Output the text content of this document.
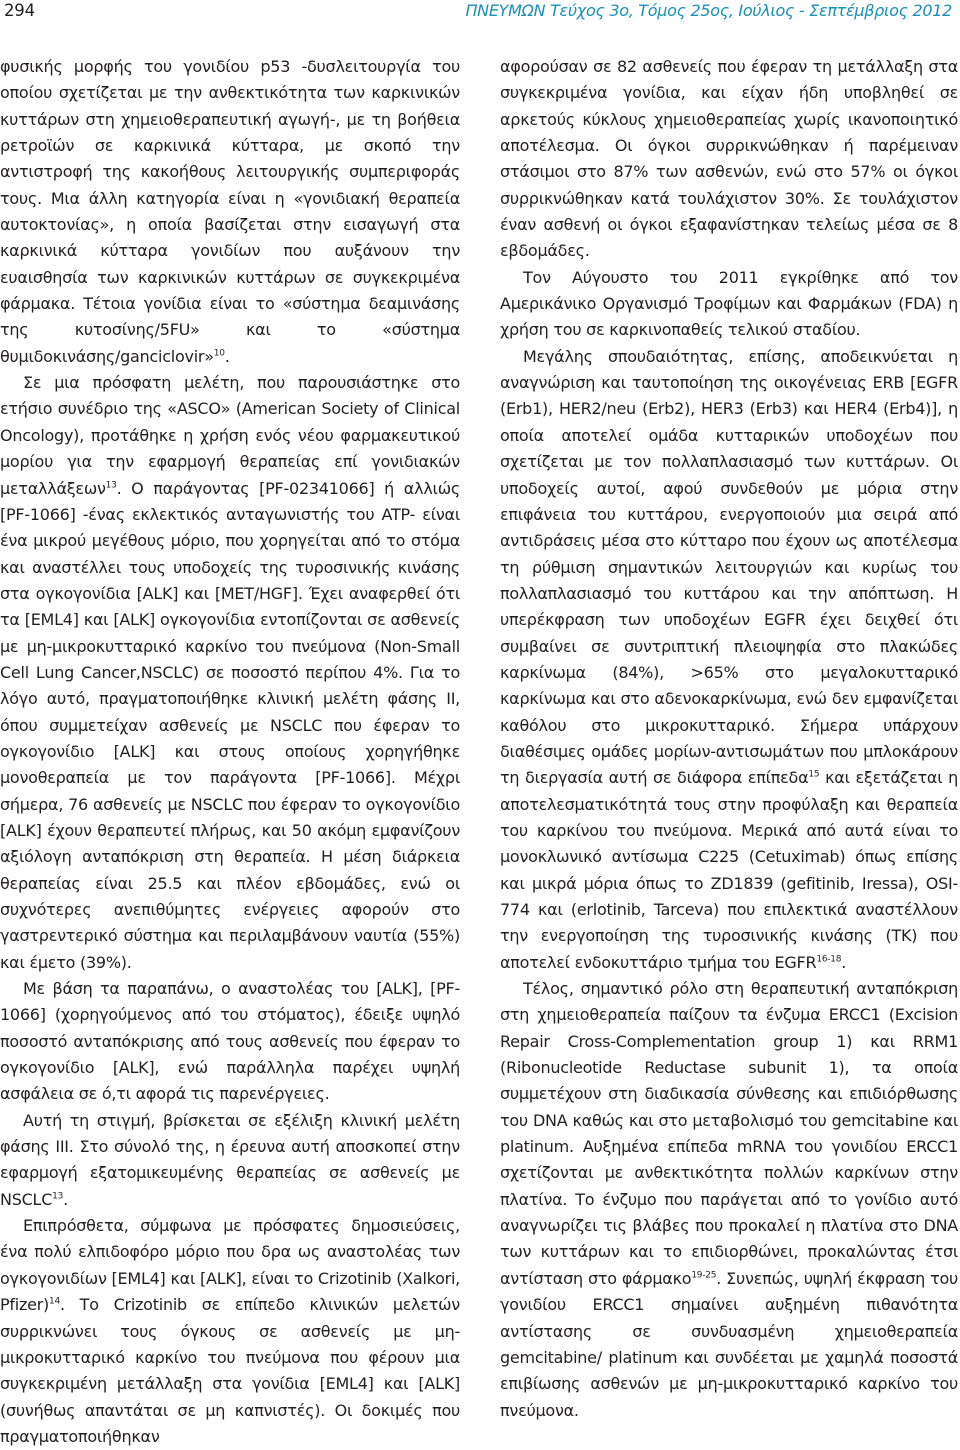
294	ΠΝΕΥΜΩΝ Τεύχος 3ο, Τόμος 25ος, Ιούλιος - Σεπτέμβριος 2012

φυσικής μορφής του γονιδίου p53 -δυσλειτουργία του οποίου σχετίζεται με την ανθεκτικότητα των καρκινικών κυττάρων στη χημειοθεραπευτική αγωγή-, με τη βοήθεια ρετροϊών σε καρκινικά κύτταρα, με σκοπό την αντιστροφή της κακοήθους λειτουργικής συμπεριφοράς τους. Μια άλλη κατηγορία είναι η «γονιδιακή θεραπεία αυτοκτονίας», η οποία βασίζεται στην εισαγωγή στα καρκινικά κύτταρα γονιδίων που αυξάνουν την ευαισθησία των καρκινικών κυττάρων σε συγκεκριμένα φάρμακα. Τέτοια γονίδια είναι το «σύστημα δεαμινάσης της κυτοσίνης/5FU» και το «σύστημα θυμιδοκινάσης/ganciclovir»$^{10}$.

Σε μια πρόσφατη μελέτη, που παρουσιάστηκε στο ετήσιο συνέδριο της «ASCO» (American Society of Clinical Oncology), προτάθηκε η χρήση ενός νέου φαρμακευτικού μορίου για την εφαρμογή θεραπείας επί γονιδιακών μεταλλάξεων$^{13}$. Ο παράγοντας [PF-02341066] ή αλλιώς [PF-1066] -ένας εκλεκτικός ανταγωνιστής του ATP- είναι ένα μικρού μεγέθους μόριο, που χορηγείται από το στόμα και αναστέλλει τους υποδοχείς της τυροσινικής κινάσης στα ογκογονίδια [ALK] και [MET/HGF]. Έχει αναφερθεί ότι τα [EML4] και [ALK] ογκογονίδια εντοπίζονται σε ασθενείς με μη-μικροκυτταρικό καρκίνο του πνεύμονα (Non-Small Cell Lung Cancer,NSCLC) σε ποσοστό περίπου 4%. Για το λόγο αυτό, πραγματοποιήθηκε κλινική μελέτη φάσης II, όπου συμμετείχαν ασθενείς με NSCLC που έφεραν το ογκογονίδιο [ALK] και στους οποίους χορηγήθηκε μονοθεραπεία με τον παράγοντα [PF-1066]. Μέχρι σήμερα, 76 ασθενείς με NSCLC που έφεραν το ογκογονίδιο [ALK] έχουν θεραπευτεί πλήρως, και 50 ακόμη εμφανίζουν αξιόλογη ανταπόκριση στη θεραπεία. Η μέση διάρκεια θεραπείας είναι 25.5 και πλέον εβδομάδες, ενώ οι συχνότερες ανεπιθύμητες ενέργειες αφορούν στο γαστρεντερικό σύστημα και περιλαμβάνουν ναυτία (55%) και έμετο (39%).

Με βάση τα παραπάνω, ο αναστολέας του [ALK], [PF-1066] (χορηγούμενος από του στόματος), έδειξε υψηλό ποσοστό ανταπόκρισης από τους ασθενείς που έφεραν το ογκογονίδιο [ALK], ενώ παράλληλα παρέχει υψηλή ασφάλεια σε ό,τι αφορά τις παρενέργειες.

Αυτή τη στιγμή, βρίσκεται σε εξέλιξη κλινική μελέτη φάσης III. Στο σύνολό της, η έρευνα αυτή αποσκοπεί στην εφαρμογή εξατομικευμένης θεραπείας σε ασθενείς με NSCLC$^{13}$.

Επιπρόσθετα, σύμφωνα με πρόσφατες δημοσιεύσεις, ένα πολύ ελπιδοφόρο μόριο που δρα ως αναστολέας των ογκογονιδίων [EML4] και [ALK], είναι το Crizotinib (Xalkori, Pfizer)$^{14}$. Το Crizotinib σε επίπεδο κλινικών μελετών συρρικνώνει τους όγκους σε ασθενείς με μη-μικροκυτταρικό καρκίνο του πνεύμονα που φέρουν μια συγκεκριμένη μετάλλαξη στα γονίδια [EML4] και [ALK] (συνήθως απαντάται σε μη καπνιστές). Οι δοκιμές που πραγματοποιήθηκαν

αφορούσαν σε 82 ασθενείς που έφεραν τη μετάλλαξη στα συγκεκριμένα γονίδια, και είχαν ήδη υποβληθεί σε αρκετούς κύκλους χημειοθεραπείας χωρίς ικανοποιητικό αποτέλεσμα. Οι όγκοι συρρικνώθηκαν ή παρέμειναν στάσιμοι στο 87% των ασθενών, ενώ στο 57% οι όγκοι συρρικνώθηκαν κατά τουλάχιστον 30%. Σε τουλάχιστον έναν ασθενή οι όγκοι εξαφανίστηκαν τελείως μέσα σε 8 εβδομάδες.

Τον Αύγουστο του 2011 εγκρίθηκε από τον Αμερικάνικο Οργανισμό Τροφίμων και Φαρμάκων (FDA) η χρήση του σε καρκινοπαθείς τελικού σταδίου.

Μεγάλης σπουδαιότητας, επίσης, αποδεικνύεται η αναγνώριση και ταυτοποίηση της οικογένειας ERB [EGFR (Erb1), HER2/neu (Erb2), HER3 (Erb3) και HER4 (Erb4)], η οποία αποτελεί ομάδα κυτταρικών υποδοχέων που σχετίζεται με τον πολλαπλασιασμό των κυττάρων. Οι υποδοχείς αυτοί, αφού συνδεθούν με μόρια στην επιφάνεια του κυττάρου, ενεργοποιούν μια σειρά από αντιδράσεις μέσα στο κύτταρο που έχουν ως αποτέλεσμα τη ρύθμιση σημαντικών λειτουργιών και κυρίως του πολλαπλασιασμό του κυττάρου και την απόπτωση. Η υπερέκφραση των υποδοχέων EGFR έχει δειχθεί ότι συμβαίνει σε συντριπτική πλειοψηφία στο πλακώδες καρκίνωμα (84%), >65% στο μεγαλοκυτταρικό καρκίνωμα και στο αδενοκαρκίνωμα, ενώ δεν εμφανίζεται καθόλου στο μικροκυτταρικό. Σήμερα υπάρχουν διαθέσιμες ομάδες μορίων-αντισωμάτων που μπλοκάρουν τη διεργασία αυτή σε διάφορα επίπεδα$^{15}$ και εξετάζεται η αποτελεσματικότητά τους στην προφύλαξη και θεραπεία του καρκίνου του πνεύμονα. Μερικά από αυτά είναι το μονοκλωνικό αντίσωμα C225 (Cetuximab) όπως επίσης και μικρά μόρια όπως το ZD1839 (gefitinib, Iressa), OSI-774 και (erlotinib, Tarceva) που επιλεκτικά αναστέλλουν την ενεργοποίηση της τυροσινικής κινάσης (TK) που αποτελεί ενδοκυττάριο τμήμα του EGFR$^{16-18}$.

Τέλος, σημαντικό ρόλο στη θεραπευτική ανταπόκριση στη χημειοθεραπεία παίζουν τα ένζυμα ERCC1 (Excision Repair Cross-Complementation group 1) και RRM1 (Ribonucleotide Reductase subunit 1), τα οποία συμμετέχουν στη διαδικασία σύνθεσης και επιδιόρθωσης του DNA καθώς και στο μεταβολισμό του gemcitabine και platinum. Αυξημένα επίπεδα mRNA του γονιδίου ERCC1 σχετίζονται με ανθεκτικότητα πολλών καρκίνων στην πλατίνα. Το ένζυμο που παράγεται από το γονίδιο αυτό αναγνωρίζει τις βλάβες που προκαλεί η πλατίνα στο DNA των κυττάρων και το επιδιορθώνει, προκαλώντας έτσι αντίσταση στο φάρμακο$^{19-25}$. Συνεπώς, υψηλή έκφραση του γονιδίου ERCC1 σημαίνει αυξημένη πιθανότητα αντίστασης σε συνδυασμένη χημειοθεραπεία gemcitabine/ platinum και συνδέεται με χαμηλά ποσοστά επιβίωσης ασθενών με μη-μικροκυτταρικό καρκίνο του πνεύμονα.
